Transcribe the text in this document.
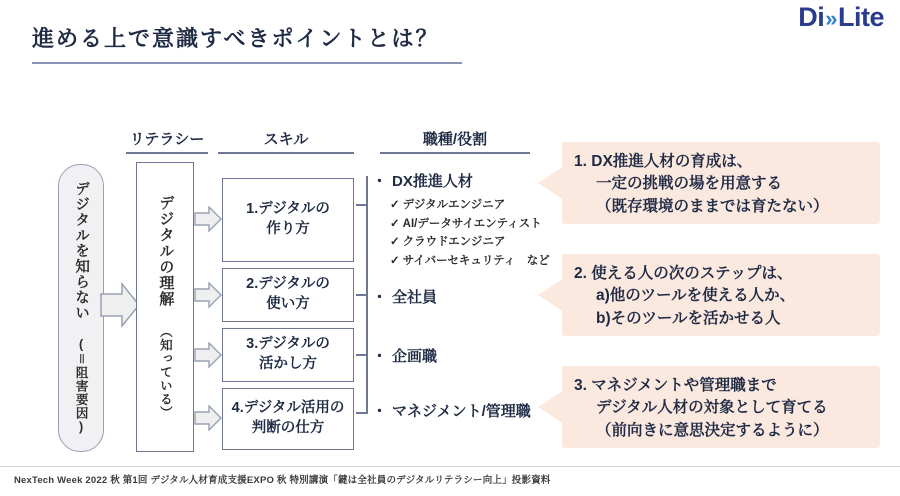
Di»Lite
進める上で意識すべきポイントとは？
リテラシー	スキル	職種/役割
デジタルを知らない (＝阻害要因)
デジタルの理解 （知っている）
1.デジタルの
作り方
2.デジタルの
使い方
3.デジタルの
活かし方
4.デジタル活用の
判断の仕方
・ DX推進人材
✓ デジタルエンジニア
✓ AI/データサイエンティスト
✓ クラウドエンジニア
✓ サイバーセキュリティ　など
・ 全社員
・ 企画職
・ マネジメント/管理職
1. DX推進人材の育成は、
一定の挑戦の場を用意する
（既存環境のままでは育たない）
2. 使える人の次のステップは、
a)他のツールを使える人か、
b)そのツールを活かせる人
3. マネジメントや管理職まで
デジタル人材の対象として育てる
（前向きに意思決定するように）
NexTech Week 2022 秋 第1回 デジタル人材育成支援EXPO 秋 特別講演「鍵は全社員のデジタルリテラシー向上」投影資料
